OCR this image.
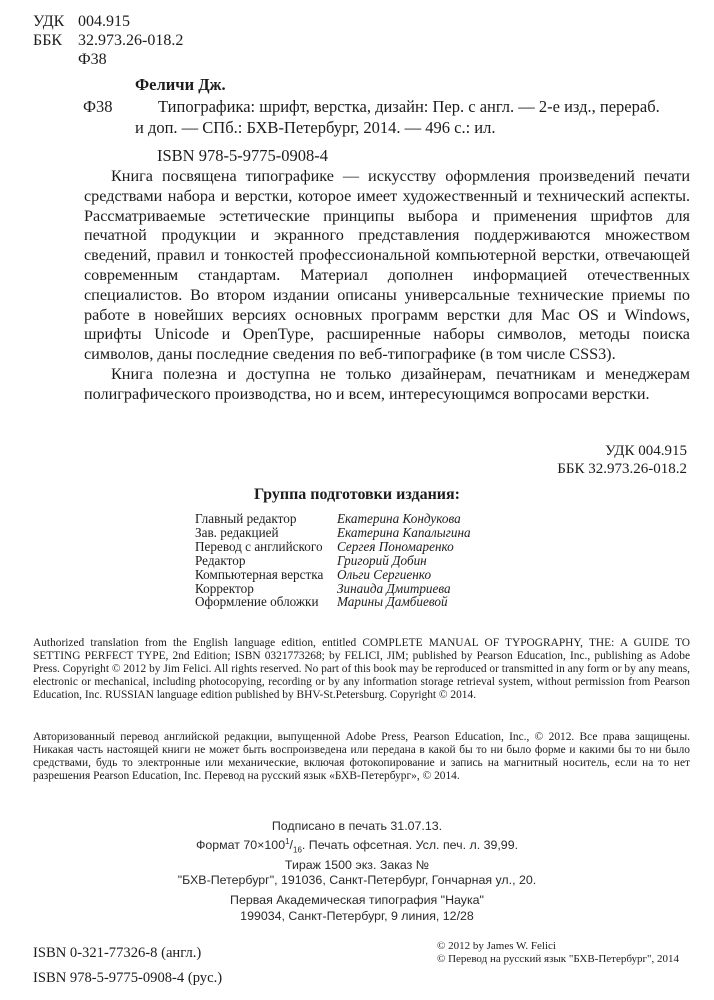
УДК 004.915
ББК 32.973.26-018.2
Ф38

Феличи Дж.

Ф38	Типографика: шрифт, верстка, дизайн: Пер. с англ. — 2-е изд., перераб. и доп. — СПб.: БХВ-Петербург, 2014. — 496 с.: ил.

ISBN 978-5-9775-0908-4

Книга посвящена типографике — искусству оформления произведений печати средствами набора и верстки, которое имеет художественный и технический аспекты. Рассматриваемые эстетические принципы выбора и применения шрифтов для печатной продукции и экранного представления поддерживаются множеством сведений, правил и тонкостей профессиональной компьютерной верстки, отвечающей современным стандартам. Материал дополнен информацией отечественных специалистов. Во втором издании описаны универсальные технические приемы по работе в новейших версиях основных программ верстки для Mac OS и Windows, шрифты Unicode и OpenType, расширенные наборы символов, методы поиска символов, даны последние сведения по веб-типографике (в том числе CSS3).

Книга полезна и доступна не только дизайнерам, печатникам и менеджерам полиграфического производства, но и всем, интересующимся вопросами верстки.

УДК 004.915
ББК 32.973.26-018.2
Группа подготовки издания:
Главный редактор	Екатерина Кондукова
Зав. редакцией	Екатерина Капалыгина
Перевод с английского	Сергея Пономаренко
Редактор	Григорий Добин
Компьютерная верстка	Ольги Сергиенко
Корректор	Зинаида Дмитриева
Оформление обложки	Марины Дамбиевой

Authorized translation from the English language edition, entitled COMPLETE MANUAL OF TYPOGRAPHY, THE: A GUIDE TO SETTING PERFECT TYPE, 2nd Edition; ISBN 0321773268; by FELICI, JIM; published by Pearson Education, Inc., publishing as Adobe Press. Copyright © 2012 by Jim Felici. All rights reserved. No part of this book may be reproduced or transmitted in any form or by any means, electronic or mechanical, including photocopying, recording or by any information storage retrieval system, without permission from Pearson Education, Inc. RUSSIAN language edition published by BHV-St.Petersburg. Copyright © 2014.

Авторизованный перевод английской редакции, выпущенной Adobe Press, Pearson Education, Inc., © 2012. Все права защищены. Никакая часть настоящей книги не может быть воспроизведена или передана в какой бы то ни было форме и какими бы то ни было средствами, будь то электронные или механические, включая фотокопирование и запись на магнитный носитель, если на то нет разрешения Pearson Education, Inc. Перевод на русский язык «БХВ-Петербург», © 2014.

Подписано в печать 31.07.13.
Формат $70\times 100^1/_{16}$. Печать офсетная. Усл. печ. л. 39,99.
Тираж 1500 экз. Заказ №
"БХВ-Петербург", 191036, Санкт-Петербург, Гончарная ул., 20.
Первая Академическая типография "Наука"
199034, Санкт-Петербург, 9 линия, 12/28
ISBN 0-321-77326-8 (англ.)
ISBN 978-5-9775-0908-4 (рус.)
© 2012 by James W. Felici
© Перевод на русский язык "БХВ-Петербург", 2014
